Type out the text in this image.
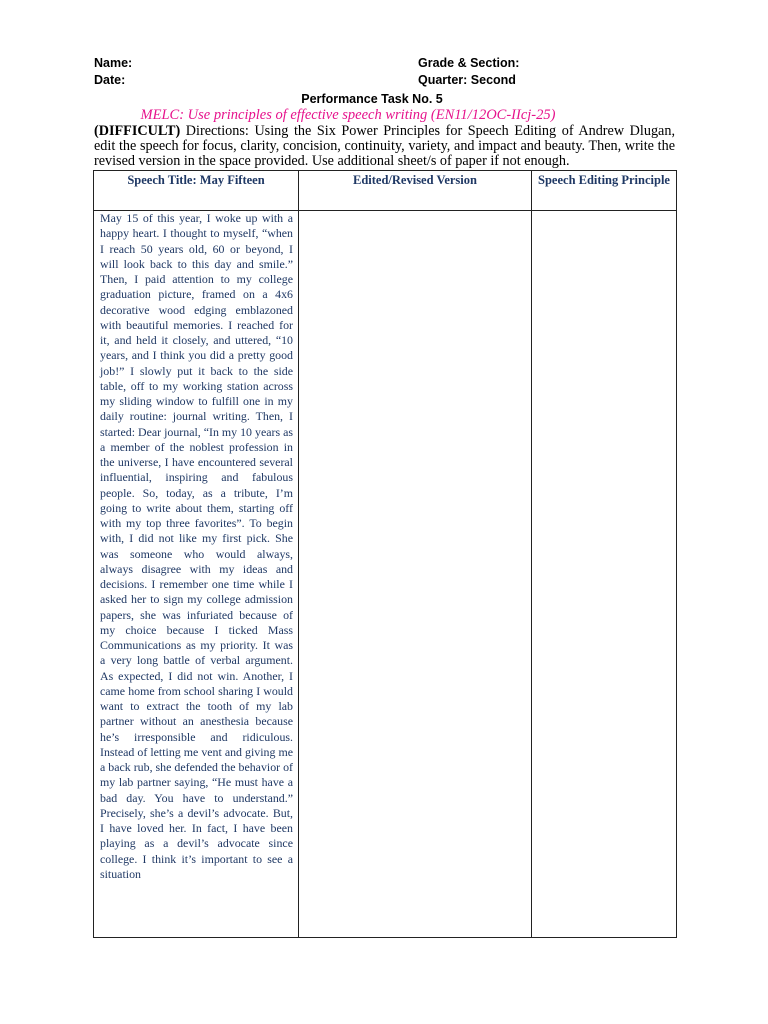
Name:
Date:
Grade & Section:
Quarter: Second
Performance Task No. 5
MELC: Use principles of effective speech writing (EN11/12OC-IIcj-25)
(DIFFICULT) Directions: Using the Six Power Principles for Speech Editing of Andrew Dlugan, edit the speech for focus, clarity, concision, continuity, variety, and impact and beauty. Then, write the revised version in the space provided. Use additional sheet/s of paper if not enough.
Speech Title: May Fifteen	Edited/Revised Version	Speech Editing Principle

May 15 of this year, I woke up with a happy heart. I thought to myself, “when I reach 50 years old, 60 or beyond, I will look back to this day and smile.” Then, I paid attention to my college graduation picture, framed on a 4x6 decorative wood edging emblazoned with beautiful memories. I reached for it, and held it closely, and uttered, “10 years, and I think you did a pretty good job!” I slowly put it back to the side table, off to my working station across my sliding window to fulfill one in my daily routine: journal writing. Then, I started: Dear journal, “In my 10 years as a member of the noblest profession in the universe, I have encountered several influential, inspiring and fabulous people. So, today, as a tribute, I’m going to write about them, starting off with my top three favorites”. To begin with, I did not like my first pick. She was someone who would always, always disagree with my ideas and decisions. I remember one time while I asked her to sign my college admission papers, she was infuriated because of my choice because I ticked Mass Communications as my priority. It was a very long battle of verbal argument. As expected, I did not win. Another, I came home from school sharing I would want to extract the tooth of my lab partner without an anesthesia because he’s irresponsible and ridiculous. Instead of letting me vent and giving me a back rub, she defended the behavior of my lab partner saying, “He must have a bad day. You have to understand.” Precisely, she’s a devil’s advocate. But, I have loved her. In fact, I have been playing as a devil’s advocate since college. I think it’s important to see a situation		
